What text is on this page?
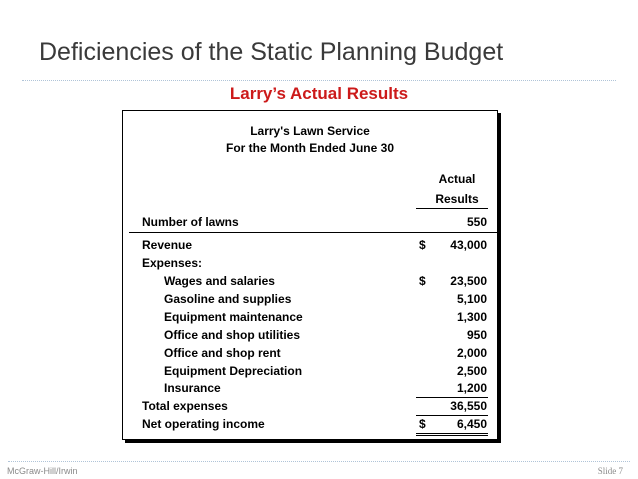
Deficiencies of the Static Planning Budget
Larry’s Actual Results
Larry's Lawn Service
For the Month Ended June 30
Actual
Results
Number of lawns	550
Revenue	$ 43,000
Expenses:
Wages and salaries	$ 23,500
Gasoline and supplies	5,100
Equipment maintenance	1,300
Office and shop utilities	950
Office and shop rent	2,000
Equipment Depreciation	2,500
Insurance	1,200
Total expenses	36,550
Net operating income	$	6,450
McGraw-Hill/Irwin	Slide 7
